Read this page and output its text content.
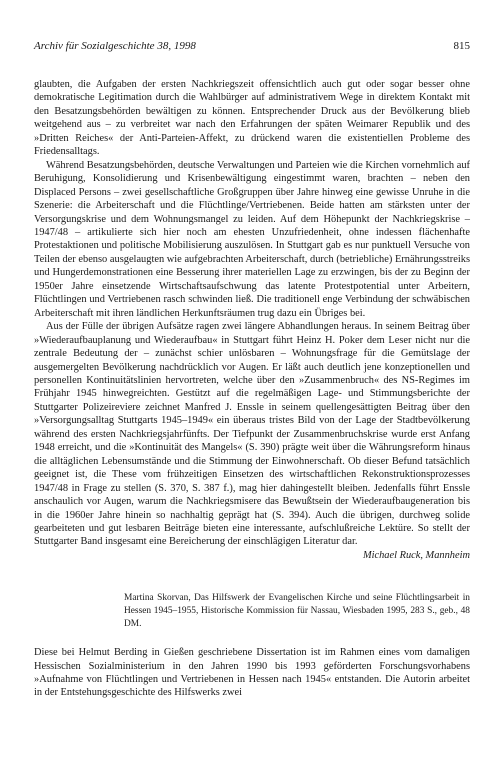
Archiv für Sozialgeschichte 38, 1998	815

glaubten, die Aufgaben der ersten Nachkriegszeit offensichtlich auch gut oder sogar besser ohne demokratische Legitimation durch die Wahlbürger auf administrativem Wege in direktem Kontakt mit den Besatzungsbehörden bewältigen zu können. Entsprechender Druck aus der Bevölkerung blieb weitgehend aus – zu verbreitet war nach den Erfahrungen der späten Weimarer Republik und des »Dritten Reiches« der Anti-Parteien-Affekt, zu drückend waren die existentiellen Probleme des Friedensalltags.

Während Besatzungsbehörden, deutsche Verwaltungen und Parteien wie die Kirchen vornehmlich auf Beruhigung, Konsolidierung und Krisenbewältigung eingestimmt waren, brachten – neben den Displaced Persons – zwei gesellschaftliche Großgruppen über Jahre hinweg eine gewisse Unruhe in die Szenerie: die Arbeiterschaft und die Flüchtlinge/Vertriebenen. Beide hatten am stärksten unter der Versorgungskrise und dem Wohnungsmangel zu leiden. Auf dem Höhepunkt der Nachkriegskrise – 1947/48 – artikulierte sich hier noch am ehesten Unzufriedenheit, ohne indessen flächenhafte Protestaktionen und politische Mobilisierung auszulösen. In Stuttgart gab es nur punktuell Versuche von Teilen der ebenso ausgelaugten wie aufgebrachten Arbeiterschaft, durch (betriebliche) Ernährungsstreiks und Hungerdemonstrationen eine Besserung ihrer materiellen Lage zu erzwingen, bis der zu Beginn der 1950er Jahre einsetzende Wirtschaftsaufschwung das latente Protestpotential unter Arbeitern, Flüchtlingen und Vertriebenen rasch schwinden ließ. Die traditionell enge Verbindung der schwäbischen Arbeiterschaft mit ihren ländlichen Herkunftsräumen trug dazu ein Übriges bei.

Aus der Fülle der übrigen Aufsätze ragen zwei längere Abhandlungen heraus. In seinem Beitrag über »Wiederaufbauplanung und Wiederaufbau« in Stuttgart führt Heinz H. Poker dem Leser nicht nur die zentrale Bedeutung der – zunächst schier unlösbaren – Wohnungsfrage für die Gemütslage der ausgemergelten Bevölkerung nachdrücklich vor Augen. Er läßt auch deutlich jene konzeptionellen und personellen Kontinuitätslinien hervortreten, welche über den »Zusammenbruch« des NS-Regimes im Frühjahr 1945 hinwegreichten. Gestützt auf die regelmäßigen Lage- und Stimmungsberichte der Stuttgarter Polizeireviere zeichnet Manfred J. Enssle in seinem quellengesättigten Beitrag über den »Versorgungsalltag Stuttgarts 1945–1949« ein überaus tristes Bild von der Lage der Stadtbevölkerung während des ersten Nachkriegsjahrfünfts. Der Tiefpunkt der Zusammenbruchskrise wurde erst Anfang 1948 erreicht, und die »Kontinuität des Mangels« (S. 390) prägte weit über die Währungsreform hinaus die alltäglichen Lebensumstände und die Stimmung der Einwohnerschaft. Ob dieser Befund tatsächlich geeignet ist, die These vom frühzeitigen Einsetzen des wirtschaftlichen Rekonstruktionsprozesses 1947/48 in Frage zu stellen (S. 370, S. 387 f.), mag hier dahingestellt bleiben. Jedenfalls führt Enssle anschaulich vor Augen, warum die Nachkriegsmisere das Bewußtsein der Wiederaufbaugeneration bis in die 1960er Jahre hinein so nachhaltig geprägt hat (S. 394). Auch die übrigen, durchweg solide gearbeiteten und gut lesbaren Beiträge bieten eine interessante, aufschlußreiche Lektüre. So stellt der Stuttgarter Band insgesamt eine Bereicherung der einschlägigen Literatur dar.
Michael Ruck, Mannheim

Martina Skorvan, Das Hilfswerk der Evangelischen Kirche und seine Flüchtlingsarbeit in Hessen 1945–1955, Historische Kommission für Nassau, Wiesbaden 1995, 283 S., geb., 48 DM.

Diese bei Helmut Berding in Gießen geschriebene Dissertation ist im Rahmen eines vom damaligen Hessischen Sozialministerium in den Jahren 1990 bis 1993 geförderten Forschungsvorhabens »Aufnahme von Flüchtlingen und Vertriebenen in Hessen nach 1945« entstanden. Die Autorin arbeitet in der Entstehungsgeschichte des Hilfswerks zwei
